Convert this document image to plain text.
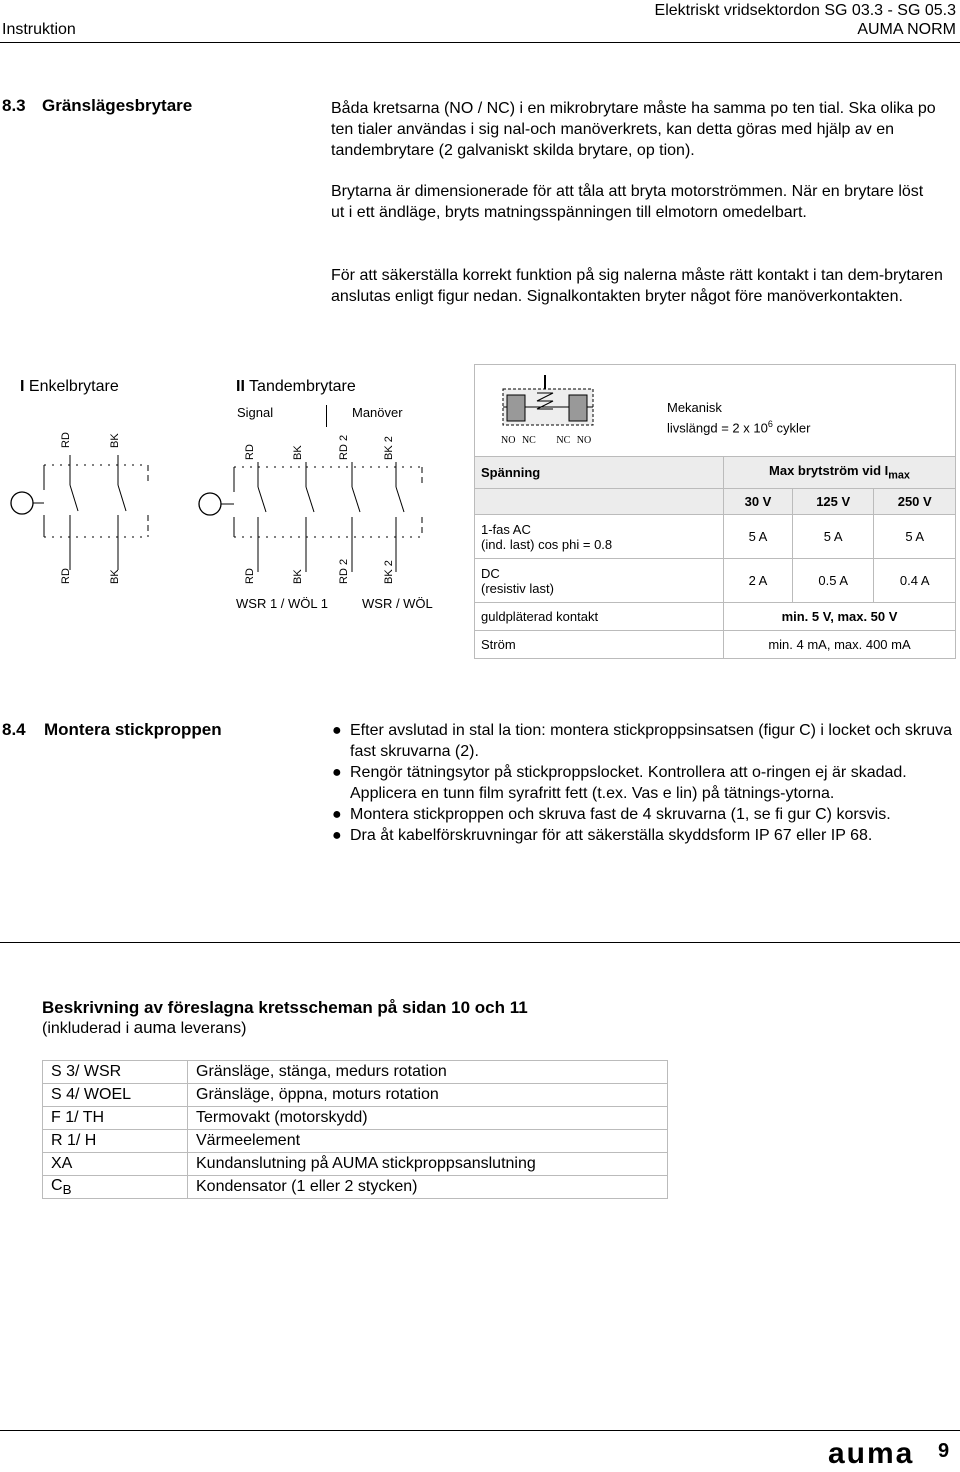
Instruktion
Elektriskt vridsektordon SG 03.3 - SG 05.3
AUMA NORM
8.3 Gränslägesbrytare	Båda kretsarna (NO / NC) i en mikrobrytare måste ha samma po ten tial. Ska olika po ten tialer användas i sig nal-och manöverkrets, kan detta göras med hjälp av en tandembrytare (2 galvaniskt skilda brytare, op tion).
Brytarna är dimensionerade för att tåla att bryta motorströmmen. När en brytare löst ut i ett ändläge, bryts matningsspänningen till elmotorn omedelbart.
För att säkerställa korrekt funktion på sig nalerna måste rätt kontakt i tan dem-brytaren anslutas enligt figur nedan. Signalkontakten bryter något före manöverkontakten.
I Enkelbrytare
RD	BK
RD	BK
II Tandembrytare
Signal	Manöver
RD	BK	RD 2	BK 2
RD	BK	RD 2	BK 2
WSR 1 / WÖL 1	WSR / WÖL
NO NC NC NO
Mekanisk
livslängd = 2 x $10^6$ cykler
Spänning	Max brytström vid $I_{max}$
	30 V	125 V	250 V

1-fas AC
(ind. last) cos phi = 0.8	5 A	5 A	5 A

DC
(resistiv last)	2 A	0.5 A	0.4 A
guldpläterad kontakt	min. 5 V, max. 50 V		
Ström	min. 4 mA, max. 400 mA		
8.4 Montera stickproppen	● Efter avslutad in stal la tion: montera stickproppsinsatsen (figur C) i locket och skruva fast skruvarna (2).
● Rengör tätningsytor på stickproppslocket. Kontrollera att o-ringen ej är skadad. Applicera en tunn film syrafritt fett (t.ex. Vas e lin) på tätnings-ytorna.
● Montera stickproppen och skruva fast de 4 skruvarna (1, se fi gur C) korsvis.
● Dra åt kabelförskruvningar för att säkerställa skyddsform IP 67 eller IP 68.
Beskrivning av föreslagna kretsscheman på sidan 10 och 11
(inkluderad i auma leverans)
S 3/ WSR	Gränsläge, stänga, medurs rotation
S 4/ WOEL	Gränsläge, öppna, moturs rotation
F 1/ TH	Termovakt (motorskydd)
R 1/ H	Värmeelement
XA	Kundanslutning på AUMA stickproppsanslutning
$C_B$	Kondensator (1 eller 2 stycken)
auma 9
